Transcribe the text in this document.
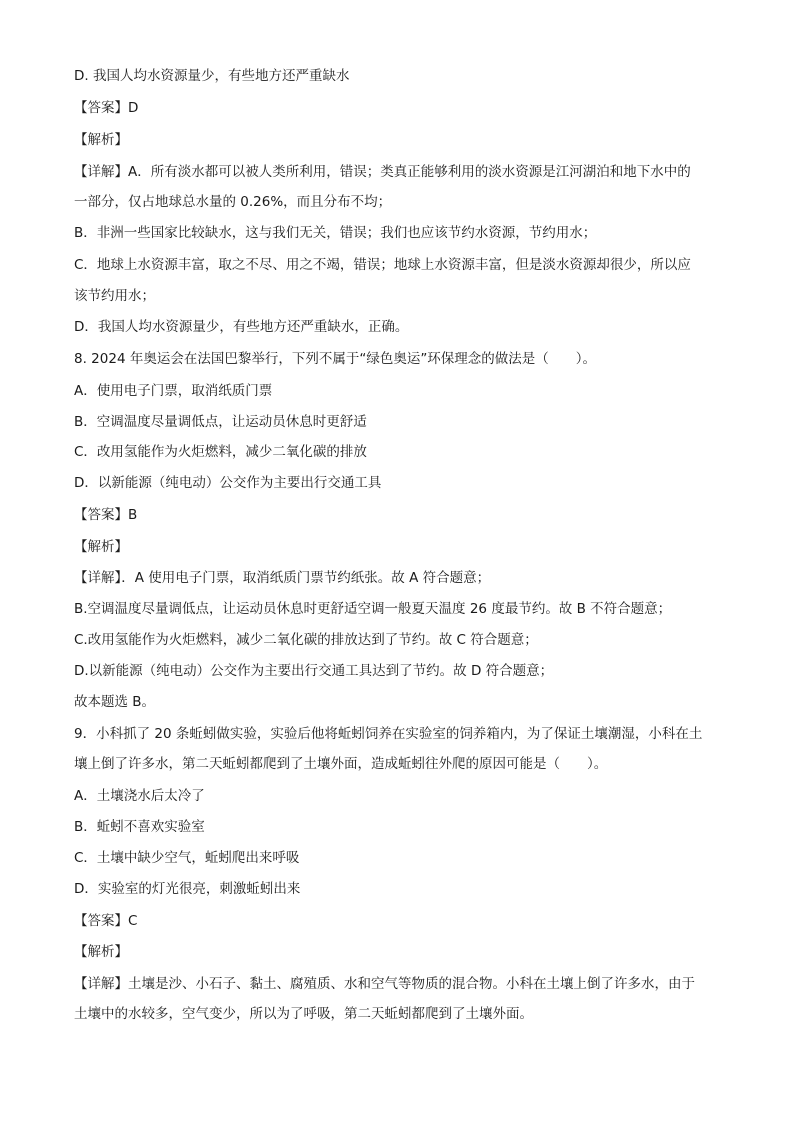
D. 我国人均水资源量少，有些地方还严重缺水
【答案】D
【解析】
【详解】A．所有淡水都可以被人类所利用，错误；类真正能够利用的淡水资源是江河湖泊和地下水中的
一部分，仅占地球总水量的 0.26%，而且分布不均；
B．非洲一些国家比较缺水，这与我们无关，错误；我们也应该节约水资源，节约用水；
C．地球上水资源丰富，取之不尽、用之不竭，错误；地球上水资源丰富，但是淡水资源却很少，所以应
该节约用水；
D．我国人均水资源量少，有些地方还严重缺水，正确。
8. 2024 年奥运会在法国巴黎举行，下列不属于“绿色奥运”环保理念的做法是（　　）。
A．使用电子门票，取消纸质门票
B．空调温度尽量调低点，让运动员休息时更舒适
C．改用氢能作为火炬燃料，减少二氧化碳的排放
D．以新能源（纯电动）公交作为主要出行交通工具
【答案】B
【解析】
【详解】．A 使用电子门票，取消纸质门票节约纸张。故 A 符合题意；
B.空调温度尽量调低点，让运动员休息时更舒适空调一般夏天温度 26 度最节约。故 B 不符合题意；
C.改用氢能作为火炬燃料，减少二氧化碳的排放达到了节约。故 C 符合题意；
D.以新能源（纯电动）公交作为主要出行交通工具达到了节约。故 D 符合题意；
故本题选 B。
9．小科抓了 20 条蚯蚓做实验，实验后他将蚯蚓饲养在实验室的饲养箱内，为了保证土壤潮湿，小科在土
壤上倒了许多水，第二天蚯蚓都爬到了土壤外面，造成蚯蚓往外爬的原因可能是（　　）。
A．土壤浇水后太冷了
B．蚯蚓不喜欢实验室
C．土壤中缺少空气，蚯蚓爬出来呼吸
D．实验室的灯光很亮，刺激蚯蚓出来
【答案】C
【解析】
【详解】土壤是沙、小石子、黏土、腐殖质、水和空气等物质的混合物。小科在土壤上倒了许多水，由于
土壤中的水较多，空气变少，所以为了呼吸，第二天蚯蚓都爬到了土壤外面。
